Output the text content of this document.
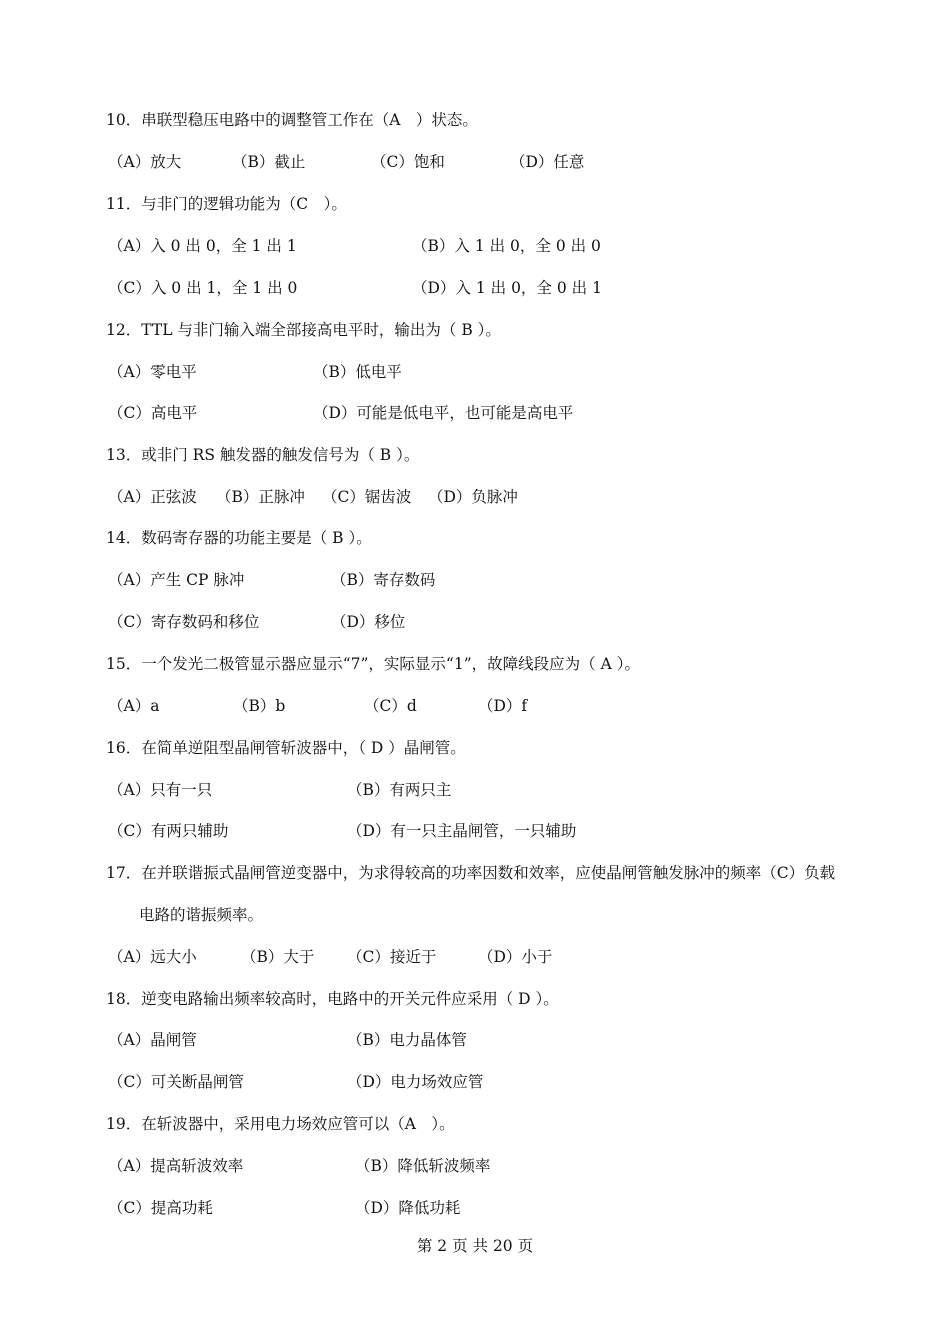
10．串联型稳压电路中的调整管工作在（A　）状态。
（A）放大	（B）截止	（C）饱和	（D）任意
11．与非门的逻辑功能为（C　）。
（A）入 0 出 0，全 1 出 1	（B）入 1 出 0，全 0 出 0
（C）入 0 出 1，全 1 出 0	（D）入 1 出 0，全 0 出 1
12．TTL 与非门输入端全部接高电平时，输出为（ B ）。
（A）零电平	（B）低电平
（C）高电平	（D）可能是低电平，也可能是高电平
13．或非门 RS 触发器的触发信号为（ B ）。
（A）正弦波 （B）正脉冲 （C）锯齿波 （D）负脉冲
14．数码寄存器的功能主要是（ B ）。
（A）产生 CP 脉冲	（B）寄存数码
（C）寄存数码和移位	（D）移位
15．一个发光二极管显示器应显示“7”，实际显示“1”，故障线段应为（ A ）。
（A）a	（B）b	（C）d	（D）f
16．在简单逆阻型晶闸管斩波器中，（ D ）晶闸管。
（A）只有一只	（B）有两只主
（C）有两只辅助	（D）有一只主晶闸管，一只辅助
17．在并联谐振式晶闸管逆变器中，为求得较高的功率因数和效率，应使晶闸管触发脉冲的频率（C）负载
电路的谐振频率。
（A）远大小	（B）大于 （C）接近于	（D）小于
18．逆变电路输出频率较高时，电路中的开关元件应采用（ D ）。
（A）晶闸管	（B）电力晶体管
（C）可关断晶闸管	（D）电力场效应管
19．在斩波器中，采用电力场效应管可以（A　）。
（A）提高斩波效率	（B）降低斩波频率
（C）提高功耗	（D）降低功耗
第 2 页 共 20 页
